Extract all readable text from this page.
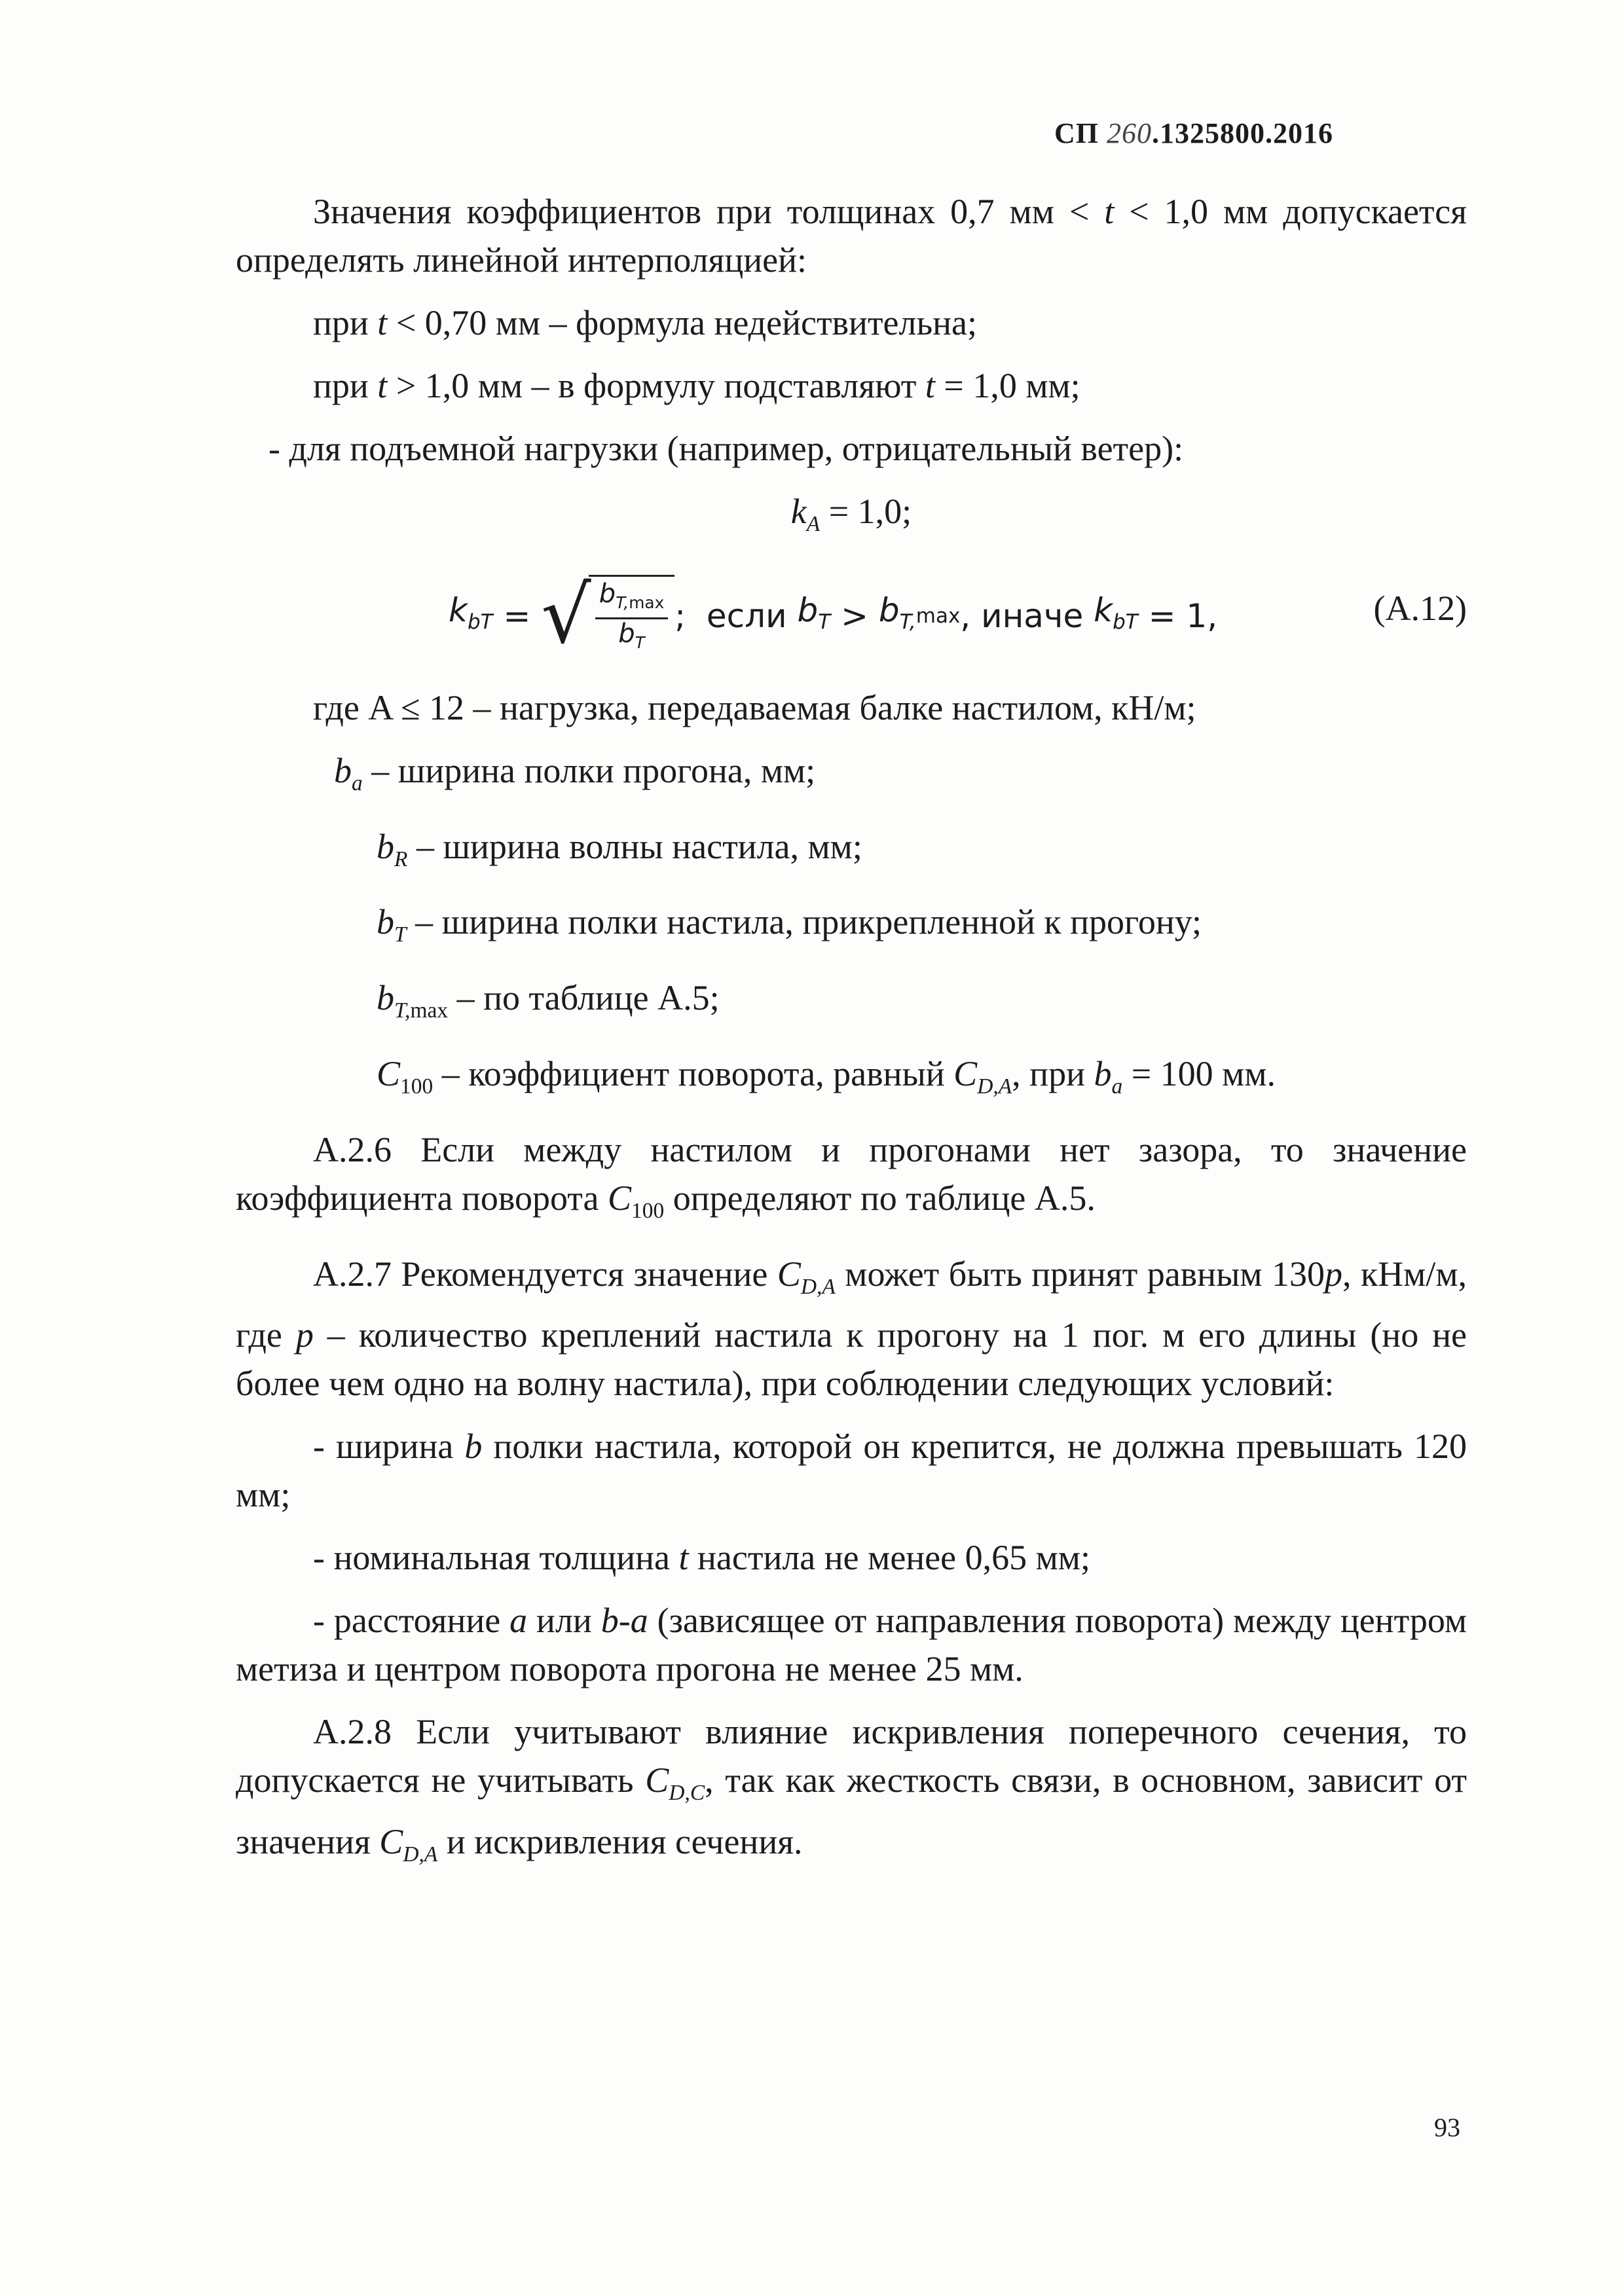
СП 260.1325800.2016

Значения коэффициентов при толщинах 0,7 мм < t < 1,0 мм допускается определять линейной интерполяцией:

при t < 0,70 мм – формула недействительна;

при t > 1,0 мм – в формулу подставляют t = 1,0 мм;

- для подъемной нагрузки (например, отрицательный ветер):

$k_A = 1,0$;

$k_{bT}$ = √ $\frac{b_{T,max}}{b_T}$ ;  если $b_T > b_{T,}$ max , иначе $k_{bT} = 1$,	(А.12)

где A ≤ 12 – нагрузка, передаваемая балке настилом, кН/м;

$b_a$ – ширина полки прогона, мм;

$b_R$ – ширина волны настила, мм;

$b_T$ – ширина полки настила, прикрепленной к прогону;

$b_{T,max}$ – по таблице А.5;

$C_{100}$ – коэффициент поворота, равный $C_{D,A}$, при $b_a = 100$ мм.

А.2.6 Если между настилом и прогонами нет зазора, то значение коэффициента поворота $C_{100}$ определяют по таблице А.5.

А.2.7 Рекомендуется значение $C_{D,A}$ может быть принят равным 130p, кНм/м, где p – количество креплений настила к прогону на 1 пог. м его длины (но не более чем одно на волну настила), при соблюдении следующих условий:

- ширина b полки настила, которой он крепится, не должна превышать 120 мм;

- номинальная толщина t настила не менее 0,65 мм;

- расстояние a или b-a (зависящее от направления поворота) между центром метиза и центром поворота прогона не менее 25 мм.

А.2.8 Если учитывают влияние искривления поперечного сечения, то допускается не учитывать $C_{D,C}$, так как жесткость связи, в основном, зависит от значения $C_{D,A}$ и искривления сечения.

93
